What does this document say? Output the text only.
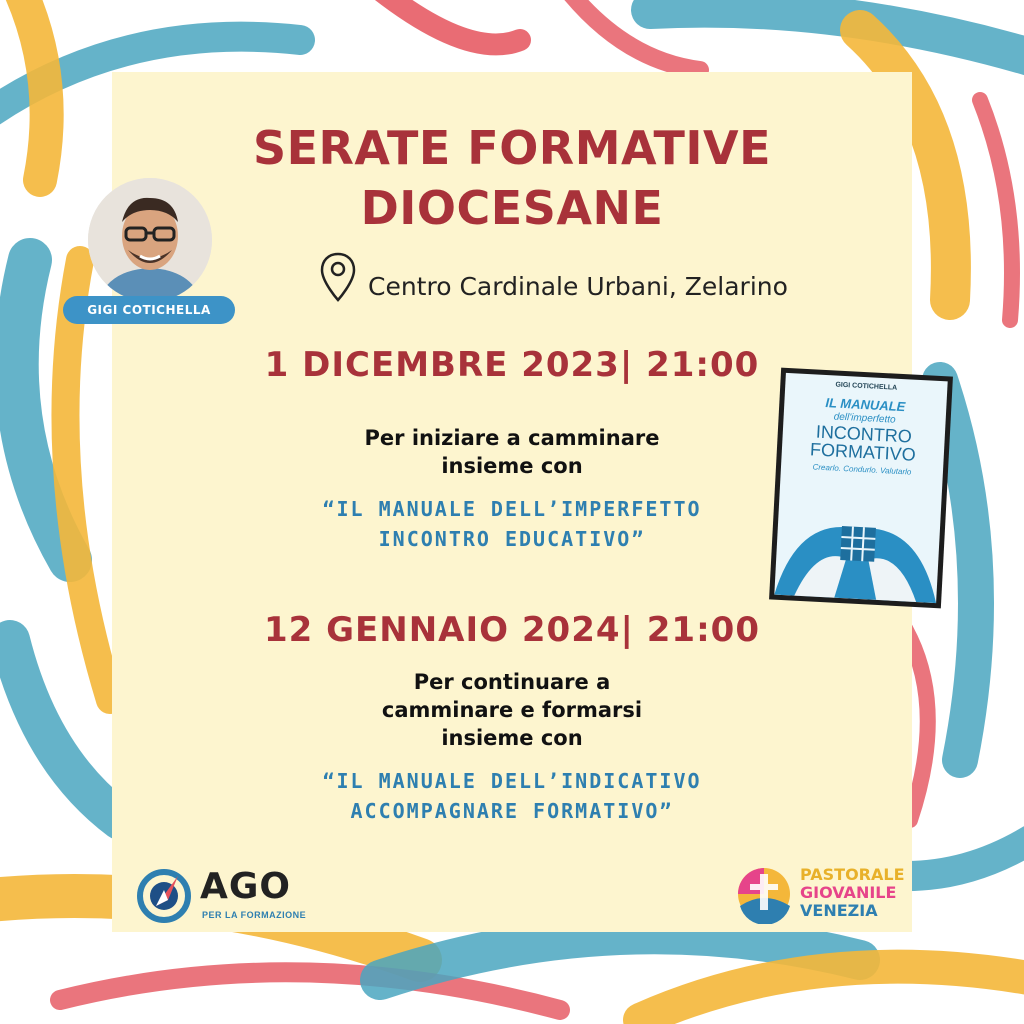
SERATE FORMATIVE
DIOCESANE
GIGI COTICHELLA
Centro Cardinale Urbani, Zelarino
1 DICEMBRE 2023| 21:00
Per iniziare a camminare
insieme con
“IL MANUALE DELL’IMPERFETTO
INCONTRO EDUCATIVO”
GIGI COTICHELLA
IL MANUALE
dell'imperfetto
INCONTRO
FORMATIVO
Crearlo. Condurlo. Valutarlo
12 GENNAIO 2024| 21:00
Per continuare a
camminare e formarsi
insieme con
“IL MANUALE DELL’INDICATIVO
ACCOMPAGNARE FORMATIVO”
AGO
PER LA FORMAZIONE
PASTORALE
GIOVANILE
VENEZIA
